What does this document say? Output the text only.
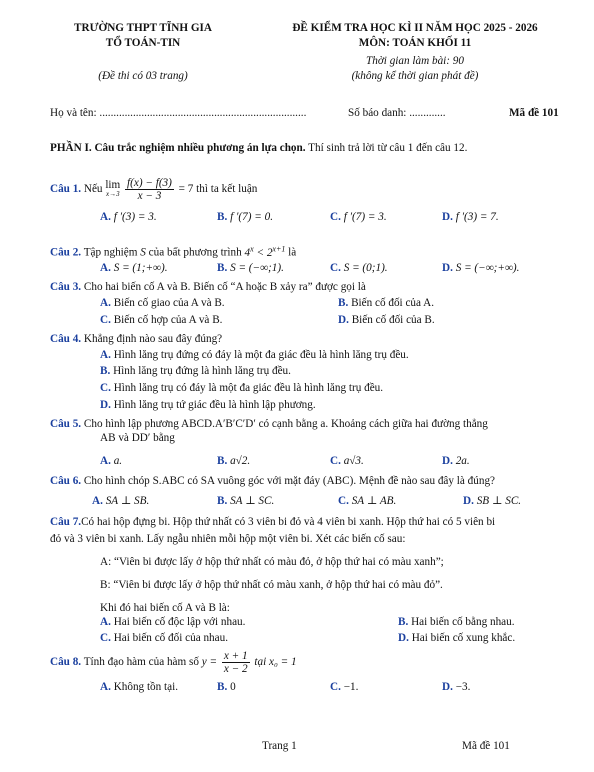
TRƯỜNG THPT TĨNH GIA
TỔ TOÁN-TIN
(Đề thi có 03 trang)
ĐỀ KIỂM TRA HỌC KÌ II NĂM HỌC 2025 - 2026
MÔN: TOÁN KHỐI 11
Thời gian làm bài: 90
(không kể thời gian phát đề)
Họ và tên: ..........................................................................	Số báo danh: .............	Mã đề 101
PHẦN I. Câu trắc nghiệm nhiều phương án lựa chọn. Thí sinh trả lời từ câu 1 đến câu 12.
Câu 1. Nếu lim
x→3
$\frac{f(x) - f(3)}{x - 3} = 7$ thì ta kết luận
A. f ′(3) = 3.	B. f ′(7) = 0.	C. f ′(7) = 3.	D. f ′(3) = 7.
Câu 2. Tập nghiệm S của bất phương trình $4^x < 2^{x+1}$ là
A. S = (1;+∞).	B. S = (−∞;1).	C. S = (0;1).	D. S = (−∞;+∞).
Câu 3. Cho hai biến cố A và B. Biến cố “A hoặc B xảy ra” được gọi là
A. Biến cố giao của A và B.	B. Biến cố đối của A.
C. Biến cố hợp của A và B.	D. Biến cố đối của B.
Câu 4. Khẳng định nào sau đây đúng?
A. Hình lăng trụ đứng có đáy là một đa giác đều là hình lăng trụ đều.
B. Hình lăng trụ đứng là hình lăng trụ đều.
C. Hình lăng trụ có đáy là một đa giác đều là hình lăng trụ đều.
D. Hình lăng trụ tứ giác đều là hình lập phương.
Câu 5. Cho hình lập phương ABCD.A′B′C′D′ có cạnh bằng a. Khoảng cách giữa hai đường thẳng
AB và DD′ bằng
A. a.	B. a√2.	C. a√3.	D. 2a.
Câu 6. Cho hình chóp S.ABC có SA vuông góc với mặt đáy (ABC). Mệnh đề nào sau đây là đúng?
A. SA ⊥ SB.	B. SA ⊥ SC.	C. SA ⊥ AB.	D. SB ⊥ SC.
Câu 7.Có hai hộp đựng bi. Hộp thứ nhất có 3 viên bi đỏ và 4 viên bi xanh. Hộp thứ hai có 5 viên bi
đỏ và 3 viên bi xanh. Lấy ngẫu nhiên mỗi hộp một viên bi. Xét các biến cố sau:
A: “Viên bi được lấy ở hộp thứ nhất có màu đỏ, ở hộp thứ hai có màu xanh”;
B: “Viên bi được lấy ở hộp thứ nhất có màu xanh, ở hộp thứ hai có màu đỏ”.
Khi đó hai biến cố A và B là:
A. Hai biến cố độc lập với nhau.	B. Hai biến cố bằng nhau.
C. Hai biến cố đối của nhau.	D. Hai biến cố xung khắc.
Câu 8. Tính đạo hàm của hàm số $y = \frac{x + 1}{x - 2}$ tại x₀ = 1
A. Không tồn tại.	B. 0	C. −1.	D. −3.
Trang 1	Mã đề 101
